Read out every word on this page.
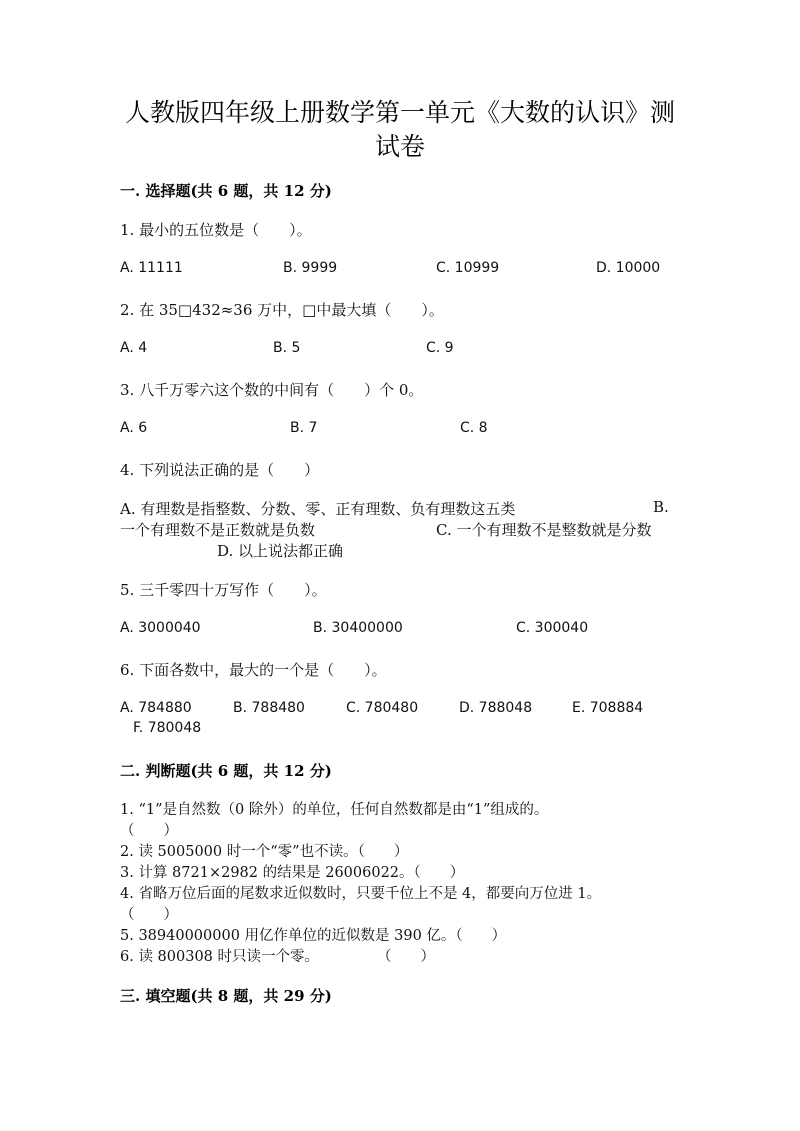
人教版四年级上册数学第一单元《大数的认识》测
试卷
一. 选择题(共 6 题，共 12 分)
1. 最小的五位数是（　　）。
A. 11111	B. 9999	C. 10999	D. 10000
2. 在 35□432≈36 万中，□中最大填（　　）。
A. 4	B. 5	C. 9
3. 八千万零六这个数的中间有（　　）个 0。
A. 6	B. 7	C. 8
4. 下列说法正确的是（　　）
A. 有理数是指整数、分数、零、正有理数、负有理数这五类	B.
一个有理数不是正数就是负数	C. 一个有理数不是整数就是分数
D. 以上说法都正确
5. 三千零四十万写作（　　）。
A. 3000040	B. 30400000	C. 300040
6. 下面各数中，最大的一个是（　　）。
A. 784880	B. 788480	C. 780480	D. 788048	E. 708884
F. 780048
二. 判断题(共 6 题，共 12 分)
1. “1”是自然数（0 除外）的单位，任何自然数都是由“1”组成的。
（　　）
2. 读 5005000 时一个“零”也不读。（　　）
3. 计算 8721×2982 的结果是 26006022。（　　）
4. 省略万位后面的尾数求近似数时，只要千位上不是 4，都要向万位进 1。
（　　）
5. 38940000000 用亿作单位的近似数是 390 亿。（　　）
6. 读 800308 时只读一个零。　　　　　（　　）
三. 填空题(共 8 题，共 29 分)
